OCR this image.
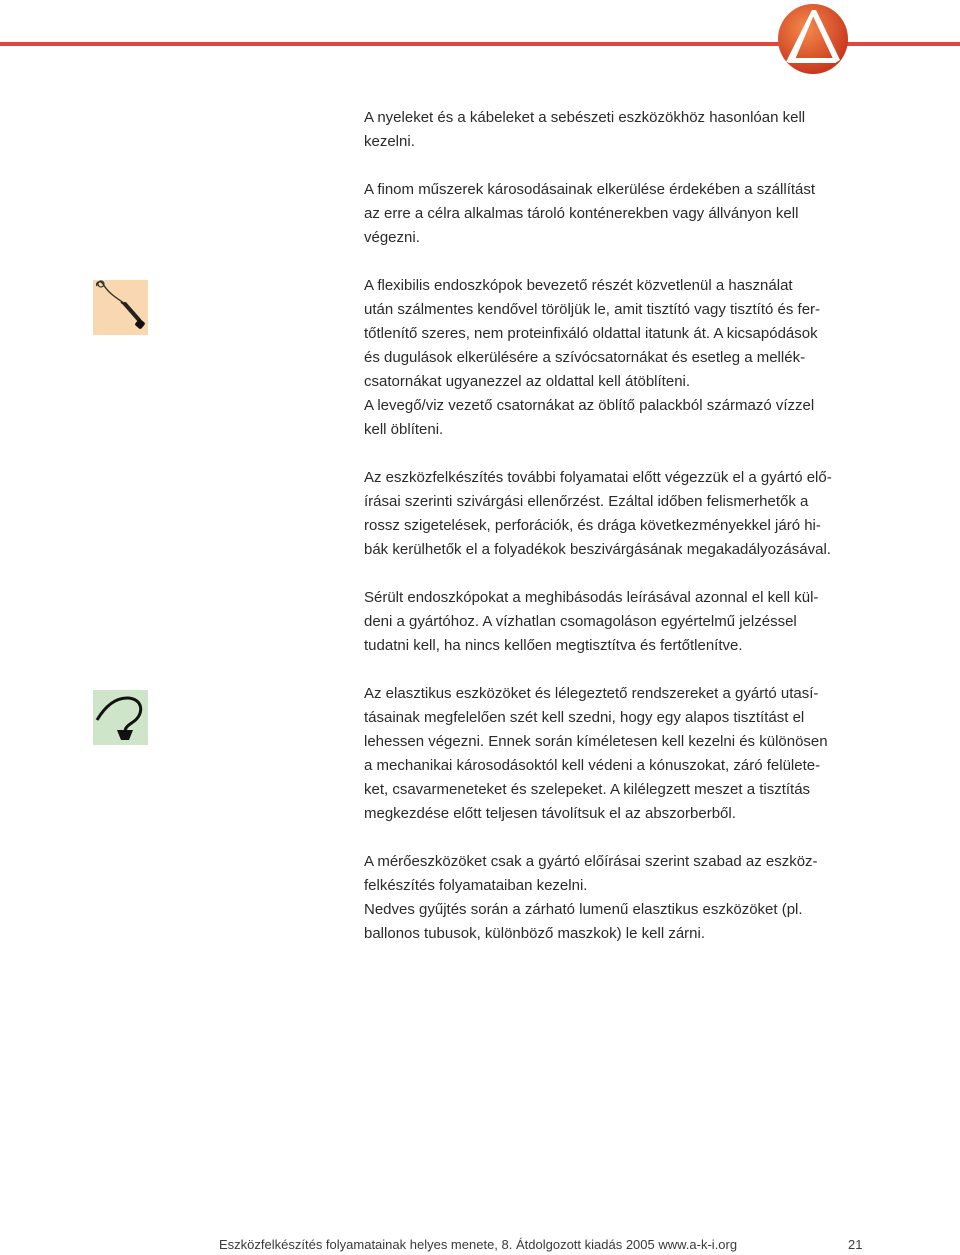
A nyeleket és a kábeleket a sebészeti eszközökhöz hasonlóan kell
kezelni.

A finom műszerek károsodásainak elkerülése érdekében a szállítást
az erre a célra alkalmas tároló konténerekben vagy állványon kell
végezni.

A flexibilis endoszkópok bevezető részét közvetlenül a használat
után szálmentes kendővel töröljük le, amit tisztító vagy tisztító és fer-
tőtlenítő szeres, nem proteinfixáló oldattal itatunk át. A kicsapódások
és dugulások elkerülésére a szívócsatornákat és esetleg a mellék-
csatornákat ugyanezzel az oldattal kell átöblíteni.
A levegő/viz vezető csatornákat az öblítő palackból származó vízzel
kell öblíteni.

Az eszközfelkészítés további folyamatai előtt végezzük el a gyártó elő-
írásai szerinti szivárgási ellenőrzést. Ezáltal időben felismerhetők a
rossz szigetelések, perforációk, és drága következményekkel járó hi-
bák kerülhetők el a folyadékok beszivárgásának megakadályozásával.

Sérült endoszkópokat a meghibásodás leírásával azonnal el kell kül-
deni a gyártóhoz. A vízhatlan csomagoláson egyértelmű jelzéssel
tudatni kell, ha nincs kellően megtisztítva és fertőtlenítve.

Az elasztikus eszközöket és lélegeztető rendszereket a gyártó utasí-
tásainak megfelelően szét kell szedni, hogy egy alapos tisztítást el
lehessen végezni. Ennek során kíméletesen kell kezelni és különösen
a mechanikai károsodásoktól kell védeni a kónuszokat, záró felülete-
ket, csavarmeneteket és szelepeket. A kilélegzett meszet a tisztítás
megkezdése előtt teljesen távolítsuk el az abszorberből.

A mérőeszközöket csak a gyártó előírásai szerint szabad az eszköz-
felkészítés folyamataiban kezelni.
Nedves gyűjtés során a zárható lumenű elasztikus eszközöket (pl.
ballonos tubusok, különböző maszkok) le kell zárni.

Eszközfelkészítés folyamatainak helyes menete, 8. Átdolgozott kiadás 2005 www.a-k-i.org	21
